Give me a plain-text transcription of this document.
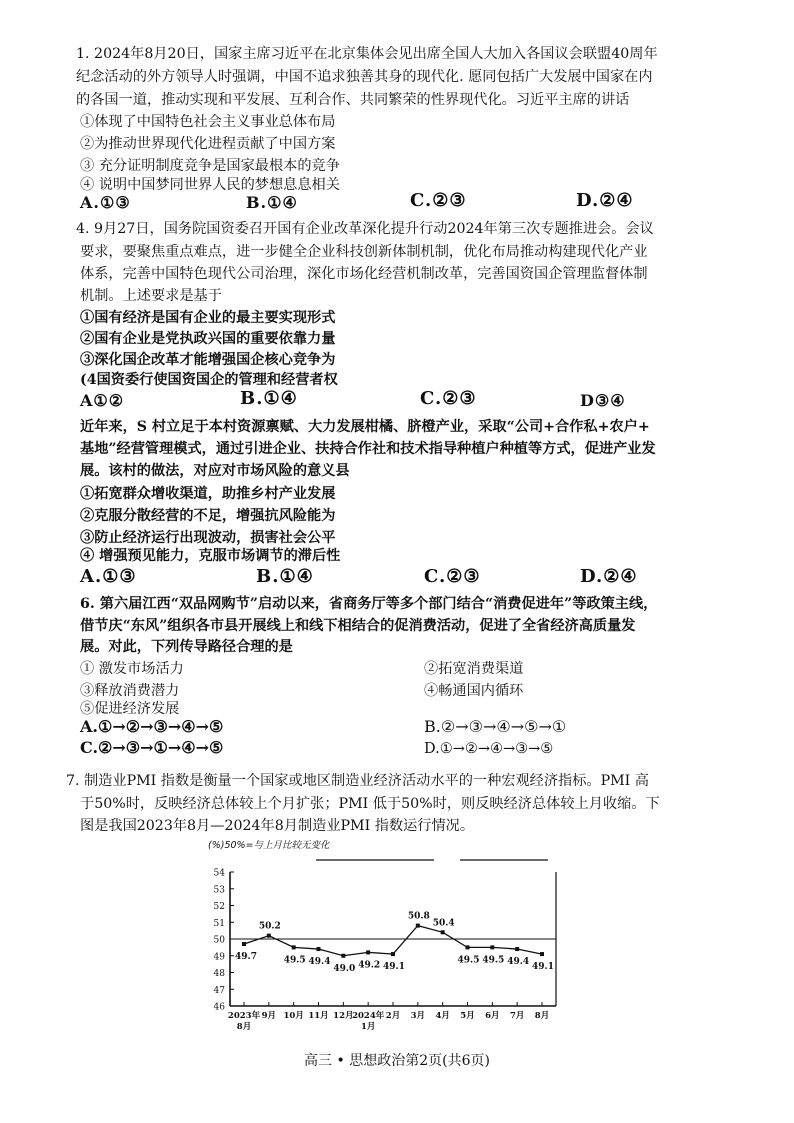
1. 2024年8月20日，国家主席习近平在北京集体会见出席全国人大加入各国议会联盟40周年
纪念活动的外方领导人时强调，中国不追求独善其身的现代化. 愿同包括广大发展中国家在内
的各国一道，推动实现和平发展、互利合作、共同繁荣的性界现代化。习近平主席的讲话
①体现了中国特色社会主义事业总体布局
②为推动世界现代化进程贡献了中国方案
③ 充分证明制度竞争是国家最根本的竞争
④ 说明中国梦同世界人民的梦想息息相关
A.①③	B.①④	C.②③	D.②④
4. 9月27日，国务院国资委召开国有企业改革深化提升行动2024年第三次专题推进会。会议
要求，要聚焦重点难点，进一步健全企业科技创新体制机制，优化布局推动构建现代化产业
体系，完善中国特色现代公司治理，深化市场化经营机制改革，完善国资国企管理监督体制
机制。上述要求是基于
①国有经济是国有企业的最主要实现形式
②国有企业是党执政兴国的重要依靠力量
③深化国企改革才能增强国企核心竞争为
(4国资委行使国资国企的管理和经营者权
A①②	B.①④	C.②③	D③④
近年来，S 村立足于本村资源禀赋、大力发展柑橘、脐橙产业，采取“公司+合作私+农户+
基地”经营管理模式，通过引进企业、扶持合作社和技术指导种植户种植等方式，促进产业发
展。该村的做法，对应对市场风险的意义县
①拓宽群众增收渠道，助推乡村产业发展
②克服分散经营的不足，增强抗风险能为
③防止经济运行出现波动，损害社会公平
④ 增强预见能力，克服市场调节的滞后性
A.①③	B.①④	C.②③	D.②④
6. 第六届江西“双品网购节”启动以来，省商务厅等多个部门结合“消费促进年”等政策主线，
借节庆“东风”组织各市县开展线上和线下相结合的促消费活动，促进了全省经济高质量发
展。对此，下列传导路径合理的是
① 激发市场活力	②拓宽消费渠道
③释放消费潜力	④畅通国内循环
⑤促进经济发展
A.①→②→③→④→⑤	B.②→③→④→⑤→①
C.②→③→①→④→⑤	D.①→②→④→③→⑤
7. 制造业PMI 指数是衡量一个国家或地区制造业经济活动水平的一种宏观经济指标。PMI 高
于50%时，反映经济总体较上个月扩张；PMI 低于50%时，则反映经济总体较上月收缩。下
图是我国2023年8月—2024年8月制造业PMI 指数运行情况。
(%)50%=与上月比较无变化
46
47
48
49
50
51
52
53
54
2023年
8月
9月 10月 11月 12月
2024年
1月
2月 3月 4月 5月 6月 7月 8月
49.7
50.2
49.5 49.4
49.0 49.2 49.1
50.8
50.4
49.5 49.5 49.4
49.1
高三 • 思想政治第2页(共6页)
